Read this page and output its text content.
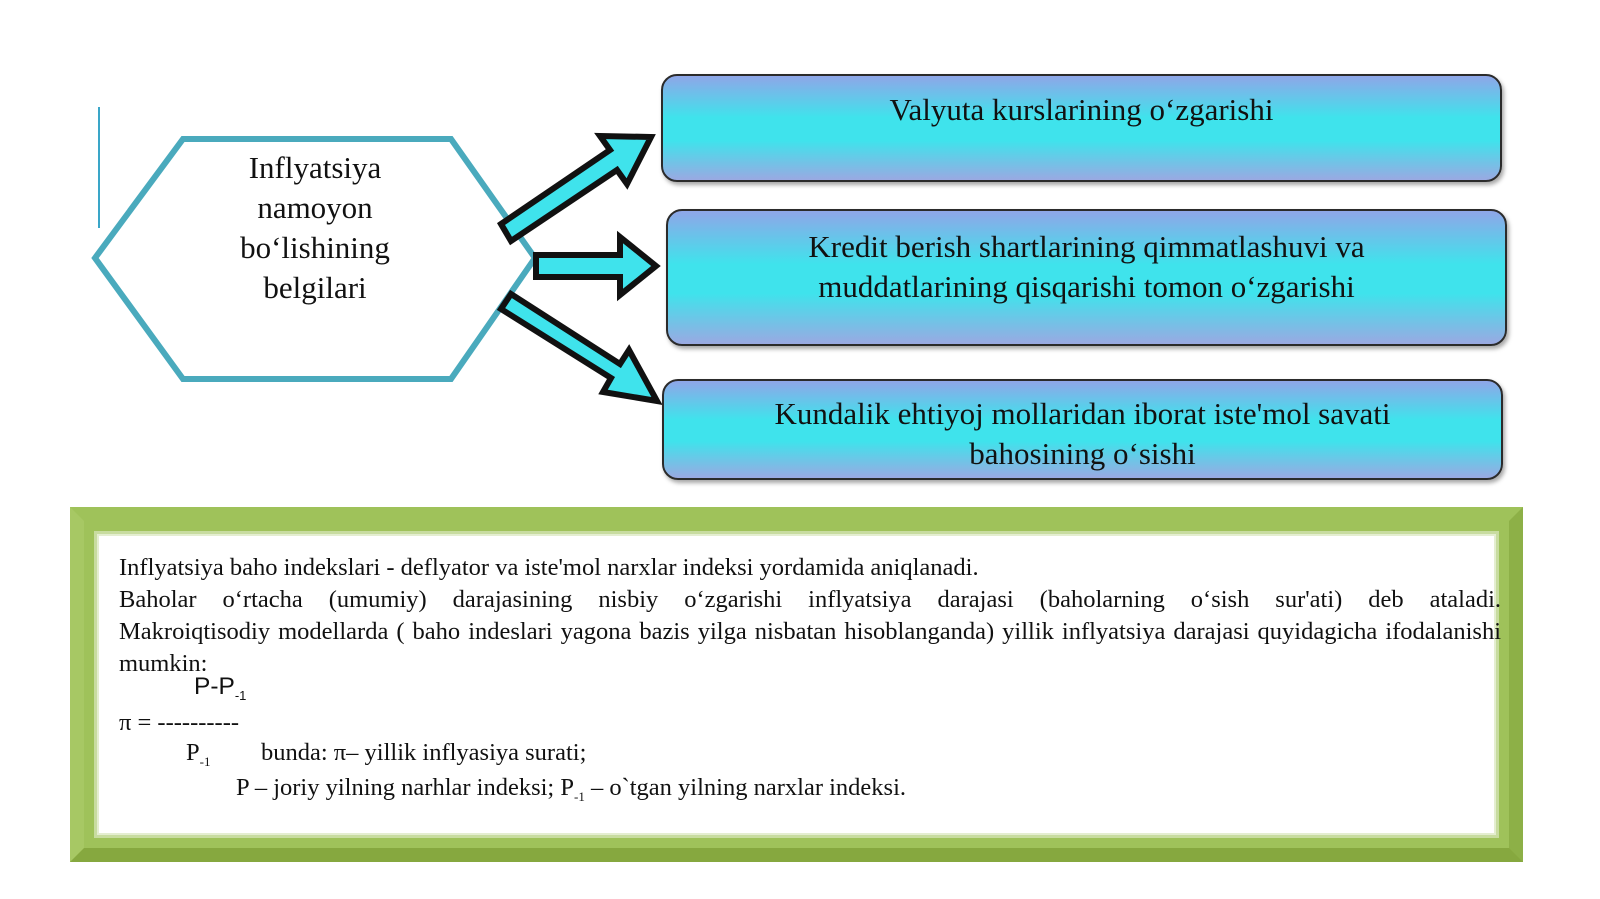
Inflyatsiya
namoyon
bo‘lishining
belgilari
Valyuta kurslarining o‘zgarishi
Kredit berish shartlarining qimmatlashuvi va
muddatlarining qisqarishi tomon o‘zgarishi
Kundalik ehtiyoj mollaridan iborat iste'mol savati
bahosining o‘sishi

Inflyatsiya baho indekslari - deflyator va iste'mol narxlar indeksi yordamida aniqlanadi.

Baholar o‘rtacha (umumiy) darajasining nisbiy o‘zgarishi inflyatsiya darajasi (baholarning o‘sish sur'ati) deb ataladi.

Makroiqtisodiy modellarda ( baho indeslari yagona bazis yilga nisbatan hisoblanganda) yillik inflyatsiya darajasi quyidagicha ifodalanishi mumkin:

$P-P_{-1}$
π = ----------
$P_{-1}$ bunda: π– yillik inflyasiya surati;
P – joriy yilning narhlar indeksi; $P_{-1}$ – o`tgan yilning narxlar indeksi.
